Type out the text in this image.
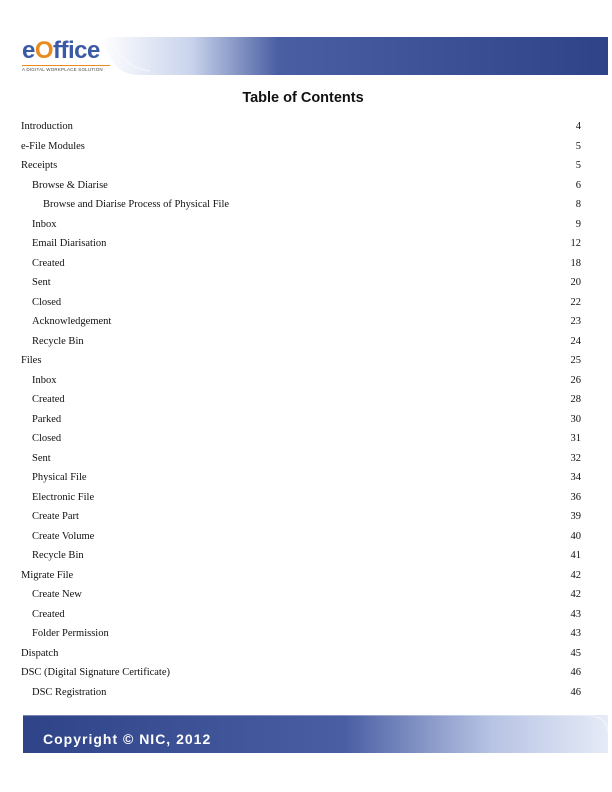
eOffice
A DIGITAL WORKPLACE SOLUTION
Table of Contents
Introduction	4
e-File Modules	5
Receipts	5
Browse & Diarise	6
Browse and Diarise Process of Physical File	8
Inbox	9
Email Diarisation	12
Created	18
Sent	20
Closed	22
Acknowledgement	23
Recycle Bin	24
Files	25
Inbox	26
Created	28
Parked	30
Closed	31
Sent	32
Physical File	34
Electronic File	36
Create Part	39
Create Volume	40
Recycle Bin	41
Migrate File	42
Create New	42
Created	43
Folder Permission	43
Dispatch	45
DSC (Digital Signature Certificate)	46
DSC Registration	46
Copyright © NIC, 2012
